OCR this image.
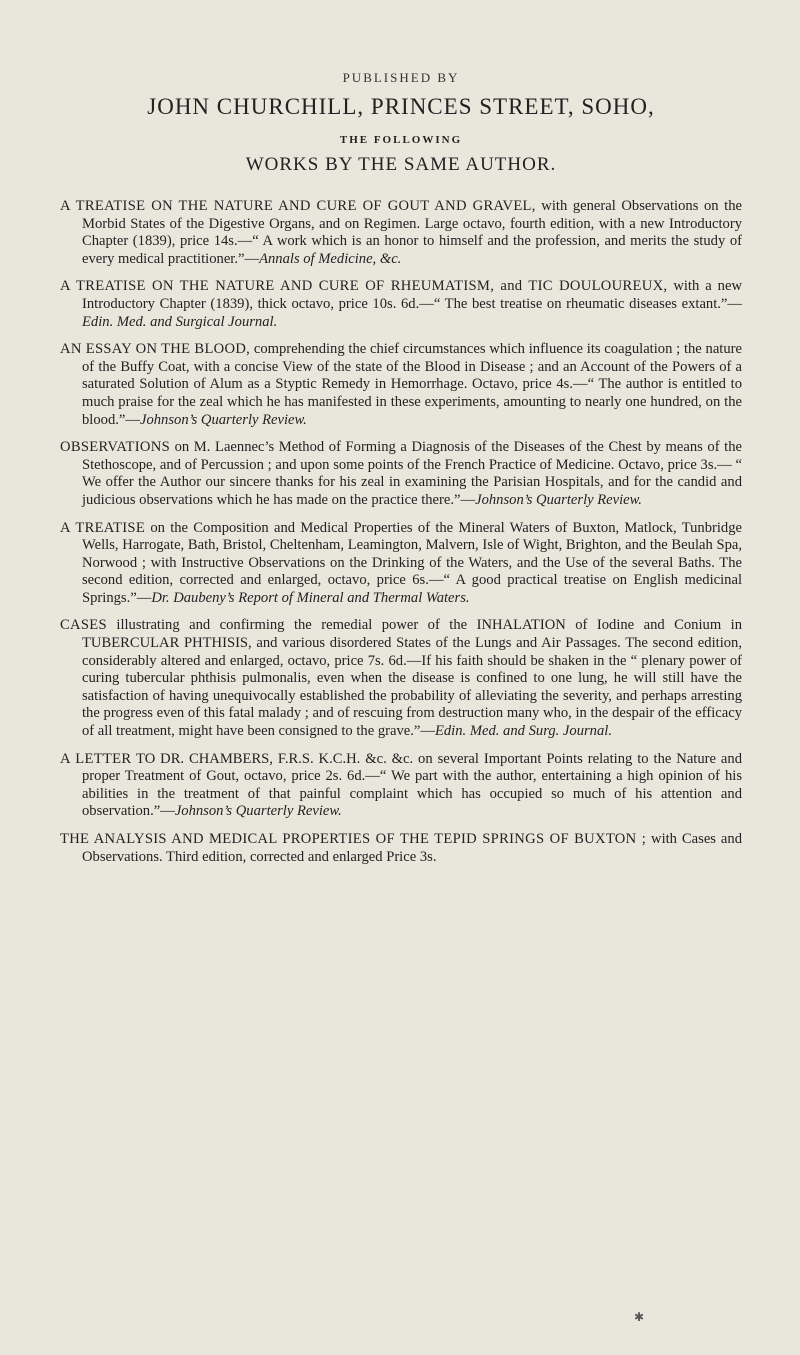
PUBLISHED BY
JOHN CHURCHILL, PRINCES STREET, SOHO,
THE FOLLOWING
WORKS BY THE SAME AUTHOR.

A TREATISE ON THE NATURE AND CURE OF GOUT AND GRAVEL, with general Observations on the Morbid States of the Digestive Organs, and on Regimen. Large octavo, fourth edition, with a new Introductory Chapter (1839), price 14s.—“ A work which is an honor to himself and the profession, and merits the study of every medical practitioner.”—Annals of Medicine, &c.

A TREATISE ON THE NATURE AND CURE OF RHEUMATISM, and TIC DOULOUREUX, with a new Introductory Chapter (1839), thick octavo, price 10s. 6d.—“ The best treatise on rheumatic diseases extant.”—Edin. Med. and Surgical Journal.

AN ESSAY ON THE BLOOD, comprehending the chief circumstances which influence its coagulation ; the nature of the Buffy Coat, with a concise View of the state of the Blood in Disease ; and an Account of the Powers of a saturated Solution of Alum as a Styptic Remedy in Hemorrhage. Octavo, price 4s.—“ The author is entitled to much praise for the zeal which he has manifested in these experiments, amounting to nearly one hundred, on the blood.”—Johnson’s Quarterly Review.

OBSERVATIONS on M. Laennec’s Method of Forming a Diagnosis of the Diseases of the Chest by means of the Stethoscope, and of Percussion ; and upon some points of the French Practice of Medicine. Octavo, price 3s.— “ We offer the Author our sincere thanks for his zeal in examining the Parisian Hospitals, and for the candid and judicious observations which he has made on the practice there.”—Johnson’s Quarterly Review.

A TREATISE on the Composition and Medical Properties of the Mineral Waters of Buxton, Matlock, Tunbridge Wells, Harrogate, Bath, Bristol, Cheltenham, Leamington, Malvern, Isle of Wight, Brighton, and the Beulah Spa, Norwood ; with Instructive Observations on the Drinking of the Waters, and the Use of the several Baths. The second edition, corrected and enlarged, octavo, price 6s.—“ A good practical treatise on English medicinal Springs.”—Dr. Daubeny’s Report of Mineral and Thermal Waters.

CASES illustrating and confirming the remedial power of the INHALATION of Iodine and Conium in TUBERCULAR PHTHISIS, and various disordered States of the Lungs and Air Passages. The second edition, considerably altered and enlarged, octavo, price 7s. 6d.—If his faith should be shaken in the “ plenary power of curing tubercular phthisis pulmonalis, even when the disease is confined to one lung, he will still have the satisfaction of having unequivocally established the probability of alleviating the severity, and perhaps arresting the progress even of this fatal malady ; and of rescuing from destruction many who, in the despair of the efficacy of all treatment, might have been consigned to the grave.”—Edin. Med. and Surg. Journal.

A LETTER TO DR. CHAMBERS, F.R.S. K.C.H. &c. &c. on several Important Points relating to the Nature and proper Treatment of Gout, octavo, price 2s. 6d.—“ We part with the author, entertaining a high opinion of his abilities in the treatment of that painful complaint which has occupied so much of his attention and observation.”—Johnson’s Quarterly Review.

THE ANALYSIS AND MEDICAL PROPERTIES OF THE TEPID SPRINGS OF BUXTON ; with Cases and Observations. Third edition, corrected and enlarged Price 3s.

✱
